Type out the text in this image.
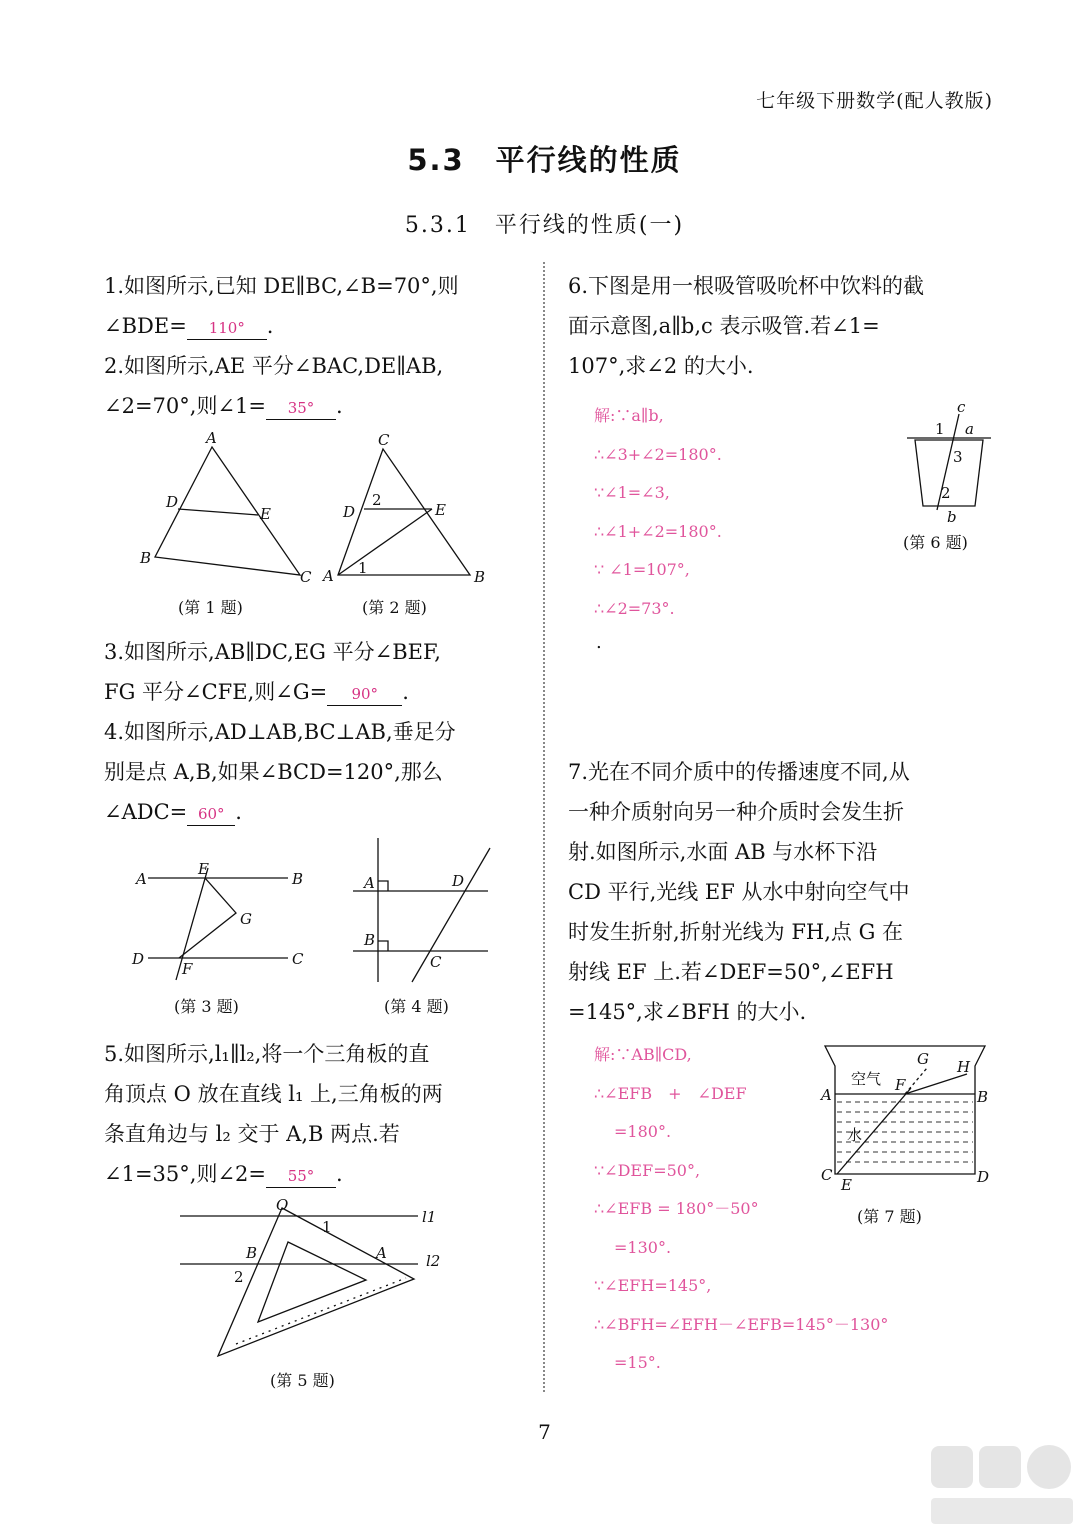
七年级下册数学(配人教版)
5.3　平行线的性质
5.3.1　平行线的性质(一)
1.如图所示,已知 DE∥BC,∠B=70°,则
∠BDE= 110° .
2.如图所示,AE 平分∠BAC,DE∥AB,
∠2=70°,则∠1= 35° .
A
D
E
B
C
(第 1 题)
C
D	E
A	B
2
1
(第 2 题)
3.如图所示,AB∥DC,EG 平分∠BEF,
FG 平分∠CFE,则∠G= 90° .
4.如图所示,AD⊥AB,BC⊥AB,垂足分
别是点 A,B,如果∠BCD=120°,那么
∠ADC= 60° .
A
E
B
G
D
F
C
(第 3 题)
A	D
B
C
(第 4 题)
5.如图所示,l₁∥l₂,将一个三角板的直
角顶点 O 放在直线 l₁ 上,三角板的两
条直角边与 l₂ 交于 A,B 两点.若
∠1=35°,则∠2= 55° .
O
1
l1
B	A	l2
2
(第 5 题)
6.下图是用一根吸管吸吮杯中饮料的截
面示意图,a∥b,c 表示吸管.若∠1=
107°,求∠2 的大小.
解:∵a∥b,
∴∠3+∠2=180°.
∵∠1=∠3,
∴∠1+∠2=180°.
∵ ∠1=107°,
∴∠2=73°.
.
c
1 a
3
2
b
(第 6 题)
7.光在不同介质中的传播速度不同,从
一种介质射向另一种介质时会发生折
射.如图所示,水面 AB 与水杯下沿
CD 平行,光线 EF 从水中射向空气中
时发生折射,折射光线为 FH,点 G 在
射线 EF 上.若∠DEF=50°,∠EFH
=145°,求∠BFH 的大小.
解:∵AB∥CD,
∴∠EFB　+　∠DEF
=180°.
∵∠DEF=50°,
∴∠EFB = 180°－50°
=130°.
∵∠EFH=145°,
∴∠BFH=∠EFH－∠EFB=145°－130°
=15°.
G H
空气 F
A	B
水
C
E	D
(第 7 题)
7
